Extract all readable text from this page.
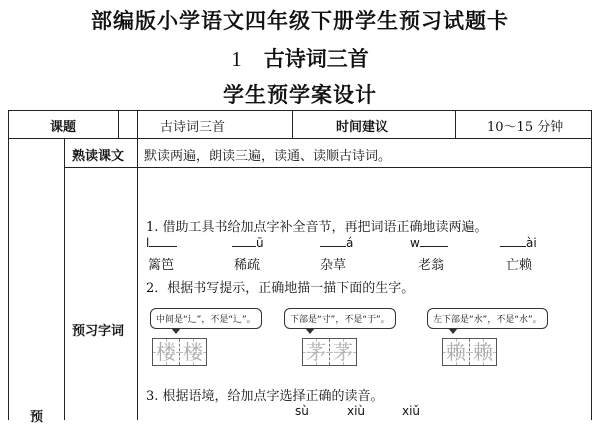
部编版小学语文四年级下册学生预习试题卡
1 古诗词三首
学生预学案设计
课题	古诗词三首	时间建议	10～15 分钟
熟读课文 默读两遍，朗读三遍，读通、读顺古诗词。
预
预习字词
1. 借助工具书给加点字补全音节，再把词语正确地读两遍。
l	ū	á	w	ài
篱笆	稀疏	杂草	老翁	亡赖
2．根据书写提示，正确地描一描下面的生字。
中间是“辶”，不是“辶”。
楼 楼
下部是“寸”，不是“于”。
茅 茅
左下部是“水”，不是“水”。
赖 赖
3. 根据语境，给加点字选择正确的读音。
sù	xiù	xiǔ
